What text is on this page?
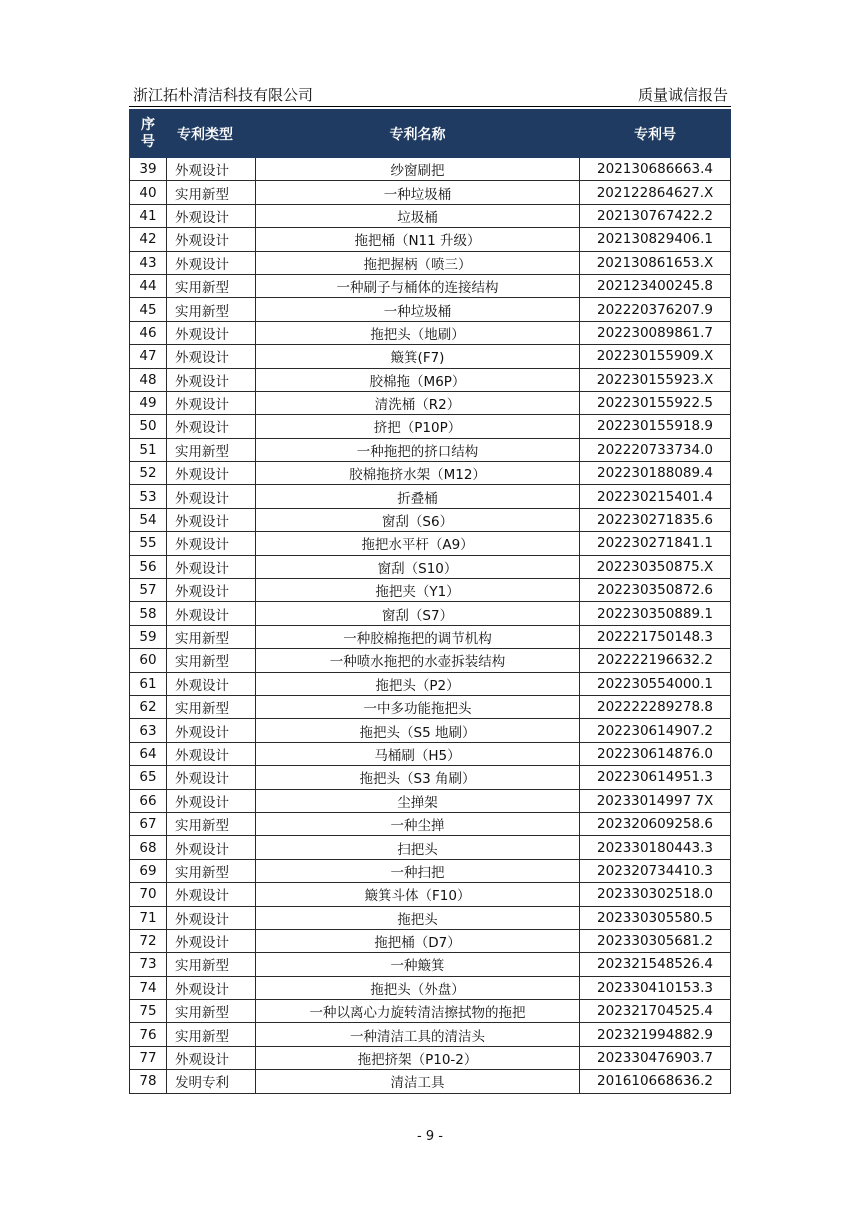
浙江拓朴清洁科技有限公司	质量诚信报告
序
号	专利类型	专利名称	专利号
39	外观设计	纱窗刷把	202130686663.4
40	实用新型	一种垃圾桶	202122864627.X
41	外观设计	垃圾桶	202130767422.2
42	外观设计	拖把桶（N11 升级）	202130829406.1
43	外观设计	拖把握柄（喷三）	202130861653.X
44	实用新型	一种刷子与桶体的连接结构	202123400245.8
45	实用新型	一种垃圾桶	202220376207.9
46	外观设计	拖把头（地刷）	202230089861.7
47	外观设计	簸箕(F7)	202230155909.X
48	外观设计	胶棉拖（M6P）	202230155923.X
49	外观设计	清洗桶（R2）	202230155922.5
50	外观设计	挤把（P10P）	202230155918.9
51	实用新型	一种拖把的挤口结构	202220733734.0
52	外观设计	胶棉拖挤水架（M12）	202230188089.4
53	外观设计	折叠桶	202230215401.4
54	外观设计	窗刮（S6）	202230271835.6
55	外观设计	拖把水平杆（A9）	202230271841.1
56	外观设计	窗刮（S10）	202230350875.X
57	外观设计	拖把夹（Y1）	202230350872.6
58	外观设计	窗刮（S7）	202230350889.1
59	实用新型	一种胶棉拖把的调节机构	202221750148.3
60	实用新型	一种喷水拖把的水壶拆装结构	202222196632.2
61	外观设计	拖把头（P2）	202230554000.1
62	实用新型	一中多功能拖把头	202222289278.8
63	外观设计	拖把头（S5 地刷）	202230614907.2
64	外观设计	马桶刷（H5）	202230614876.0
65	外观设计	拖把头（S3 角刷）	202230614951.3
66	外观设计	尘掸架	20233014997 7X
67	实用新型	一种尘掸	202320609258.6
68	外观设计	扫把头	202330180443.3
69	实用新型	一种扫把	202320734410.3
70	外观设计	簸箕斗体（F10）	202330302518.0
71	外观设计	拖把头	202330305580.5
72	外观设计	拖把桶（D7）	202330305681.2
73	实用新型	一种簸箕	202321548526.4
74	外观设计	拖把头（外盘）	202330410153.3
75	实用新型	一种以离心力旋转清洁擦拭物的拖把	202321704525.4
76	实用新型	一种清洁工具的清洁头	202321994882.9
77	外观设计	拖把挤架（P10-2）	202330476903.7
78	发明专利	清洁工具	201610668636.2
- 9 -
